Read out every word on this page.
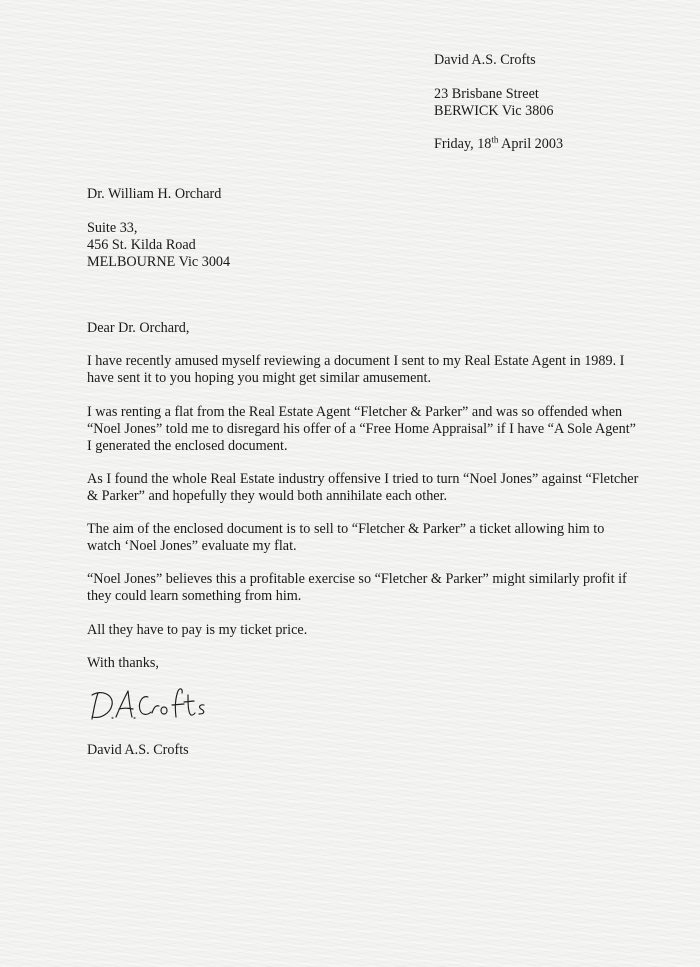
David A.S. Crofts
23 Brisbane Street
BERWICK Vic 3806
Friday, 18th April 2003
Dr. William H. Orchard
Suite 33,
456 St. Kilda Road
MELBOURNE Vic 3004
Dear Dr. Orchard,
I have recently amused myself reviewing a document I sent to my Real Estate Agent in 1989. I
have sent it to you hoping you might get similar amusement.
I was renting a flat from the Real Estate Agent “Fletcher & Parker” and was so offended when
“Noel Jones” told me to disregard his offer of a “Free Home Appraisal” if I have “A Sole Agent”
I generated the enclosed document.
As I found the whole Real Estate industry offensive I tried to turn “Noel Jones” against “Fletcher
& Parker” and hopefully they would both annihilate each other.
The aim of the enclosed document is to sell to “Fletcher & Parker” a ticket allowing him to
watch ‘Noel Jones” evaluate my flat.
“Noel Jones” believes this a profitable exercise so “Fletcher & Parker” might similarly profit if
they could learn something from him.
All they have to pay is my ticket price.
With thanks,
David A.S. Crofts
